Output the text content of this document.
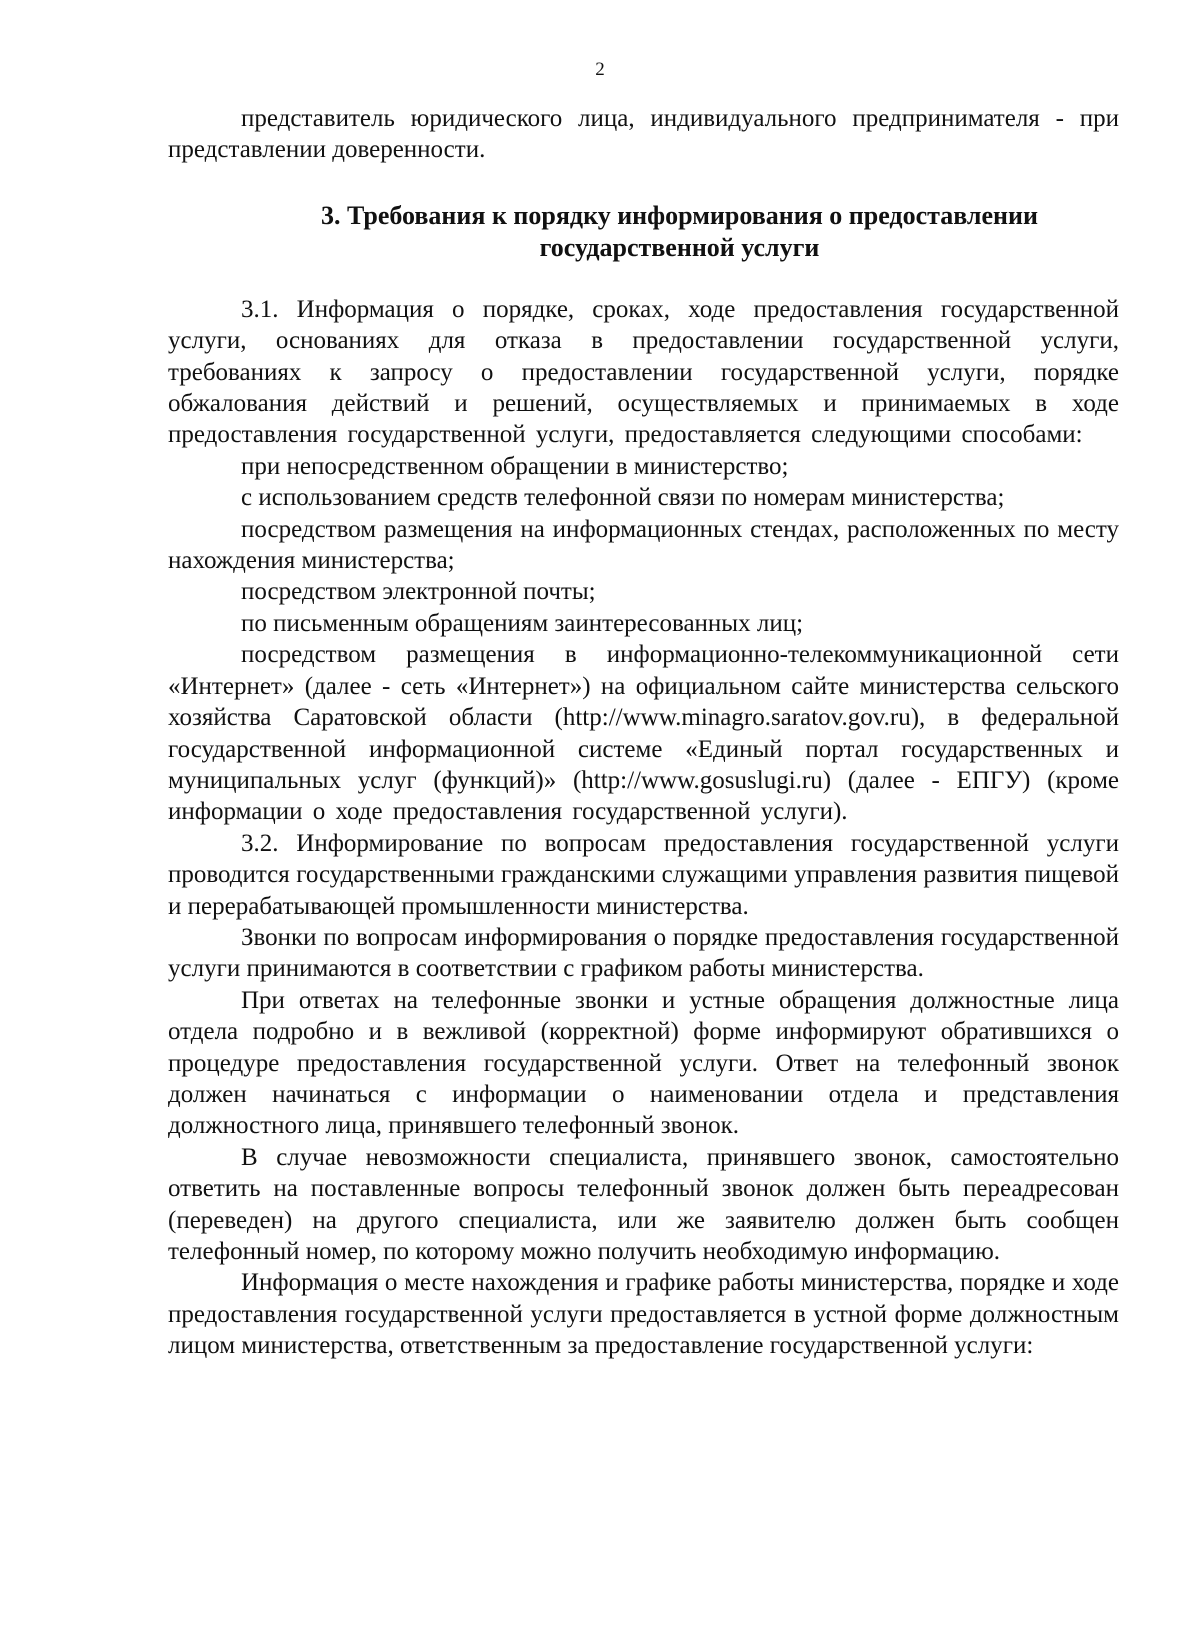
2

представитель юридического лица, индивидуального предпринимателя - при представлении доверенности.

3. Требования к порядку информирования о предоставлении
государственной услуги

3.1. Информация о порядке, сроках, ходе предоставления государственной услуги, основаниях для отказа в предоставлении государственной услуги, требованиях к запросу о предоставлении государственной услуги, порядке обжалования действий и решений, осуществляемых и принимаемых в ходе предоставления государственной услуги, предоставляется следующими способами:

при непосредственном обращении в министерство;

с использованием средств телефонной связи по номерам министерства;

посредством размещения на информационных стендах, расположенных по месту нахождения министерства;

посредством электронной почты;

по письменным обращениям заинтересованных лиц;

посредством размещения в информационно-телекоммуникационной сети «Интернет» (далее - сеть «Интернет») на официальном сайте министерства сельского хозяйства Саратовской области (http://www.minagro.saratov.gov.ru), в федеральной государственной информационной системе «Единый портал государственных и муниципальных услуг (функций)» (http://www.gosuslugi.ru) (далее - ЕПГУ) (кроме информации о ходе предоставления государственной услуги).

3.2. Информирование по вопросам предоставления государственной услуги проводится государственными гражданскими служащими управления развития пищевой и перерабатывающей промышленности министерства.

Звонки по вопросам информирования о порядке предоставления государственной услуги принимаются в соответствии с графиком работы министерства.

При ответах на телефонные звонки и устные обращения должностные лица отдела подробно и в вежливой (корректной) форме информируют обратившихся о процедуре предоставления государственной услуги. Ответ на телефонный звонок должен начинаться с информации о наименовании отдела и представления должностного лица, принявшего телефонный звонок.

В случае невозможности специалиста, принявшего звонок, самостоятельно ответить на поставленные вопросы телефонный звонок должен быть переадресован (переведен) на другого специалиста, или же заявителю должен быть сообщен телефонный номер, по которому можно получить необходимую информацию.

Информация о месте нахождения и графике работы министерства, порядке и ходе предоставления государственной услуги предоставляется в устной форме должностным лицом министерства, ответственным за предоставление государственной услуги:
